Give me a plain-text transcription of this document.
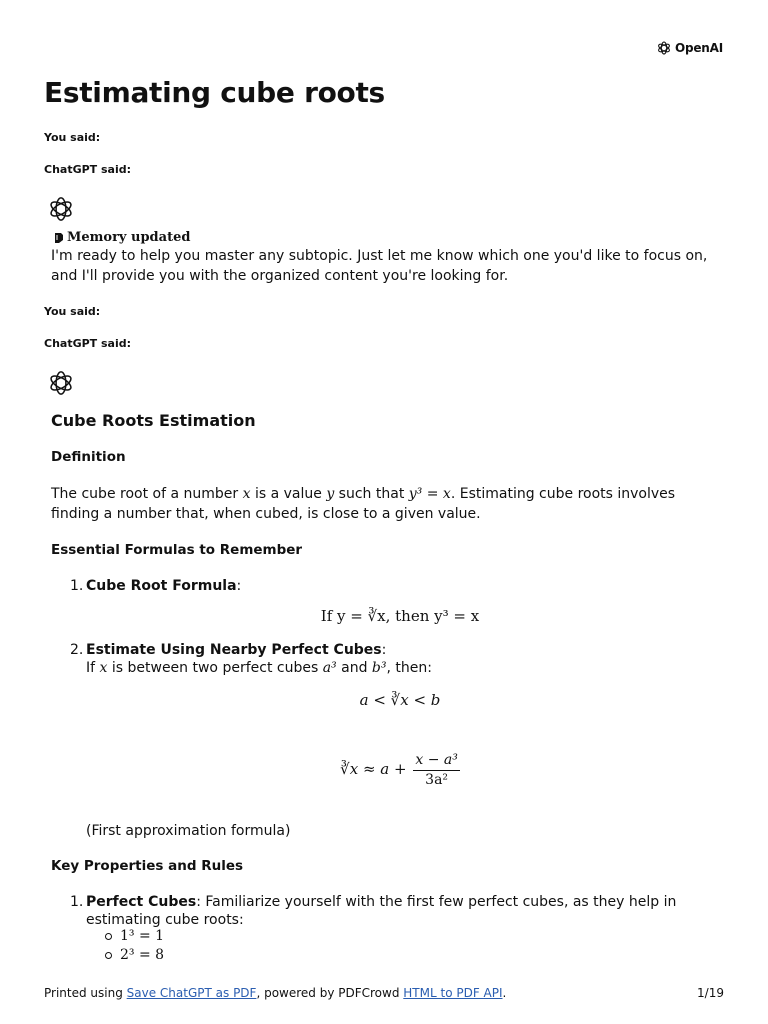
OpenAI
Estimating cube roots
You said:
ChatGPT said:
Memory updated
I'm ready to help you master any subtopic. Just let me know which one you'd like to focus on, and I'll provide you with the organized content you're looking for.
You said:
ChatGPT said:
Cube Roots Estimation
Definition
The cube root of a number x is a value y such that y³ = x. Estimating cube roots involves finding a number that, when cubed, is close to a given value.
Essential Formulas to Remember
1. Cube Root Formula:
If y = ∛x, then y³ = x
2. Estimate Using Nearby Perfect Cubes:
If x is between two perfect cubes a³ and b³, then:
a < ∛x < b
∛x ≈ $a + \frac{\text{x − a³}}{\text{3a²}}$
(First approximation formula)
Key Properties and Rules
1. Perfect Cubes: Familiarize yourself with the first few perfect cubes, as they help in estimating cube roots:
1³ = 1
2³ = 8
Printed using Save ChatGPT as PDF, powered by PDFCrowd HTML to PDF API.	1/19
